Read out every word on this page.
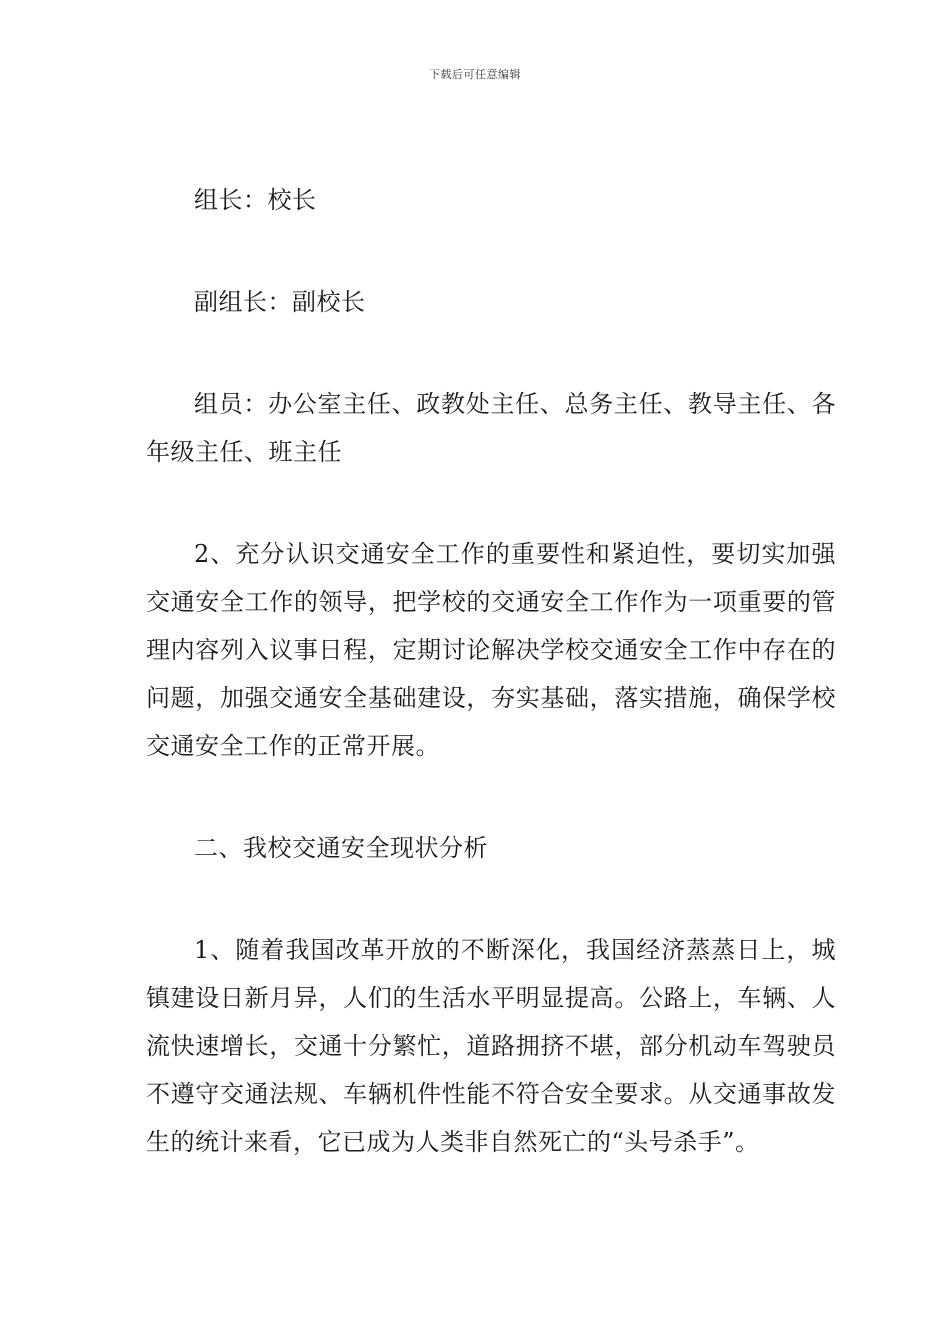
下载后可任意编辑

组长：校长

副组长：副校长

组员：办公室主任、政教处主任、总务主任、教导主任、各年级主任、班主任

2、充分认识交通安全工作的重要性和紧迫性，要切实加强交通安全工作的领导，把学校的交通安全工作作为一项重要的管理内容列入议事日程，定期讨论解决学校交通安全工作中存在的问题，加强交通安全基础建设，夯实基础，落实措施，确保学校交通安全工作的正常开展。

二、我校交通安全现状分析

1、随着我国改革开放的不断深化，我国经济蒸蒸日上，城镇建设日新月异，人们的生活水平明显提高。公路上，车辆、人流快速增长，交通十分繁忙，道路拥挤不堪，部分机动车驾驶员不遵守交通法规、车辆机件性能不符合安全要求。从交通事故发生的统计来看，它已成为人类非自然死亡的“头号杀手”。
